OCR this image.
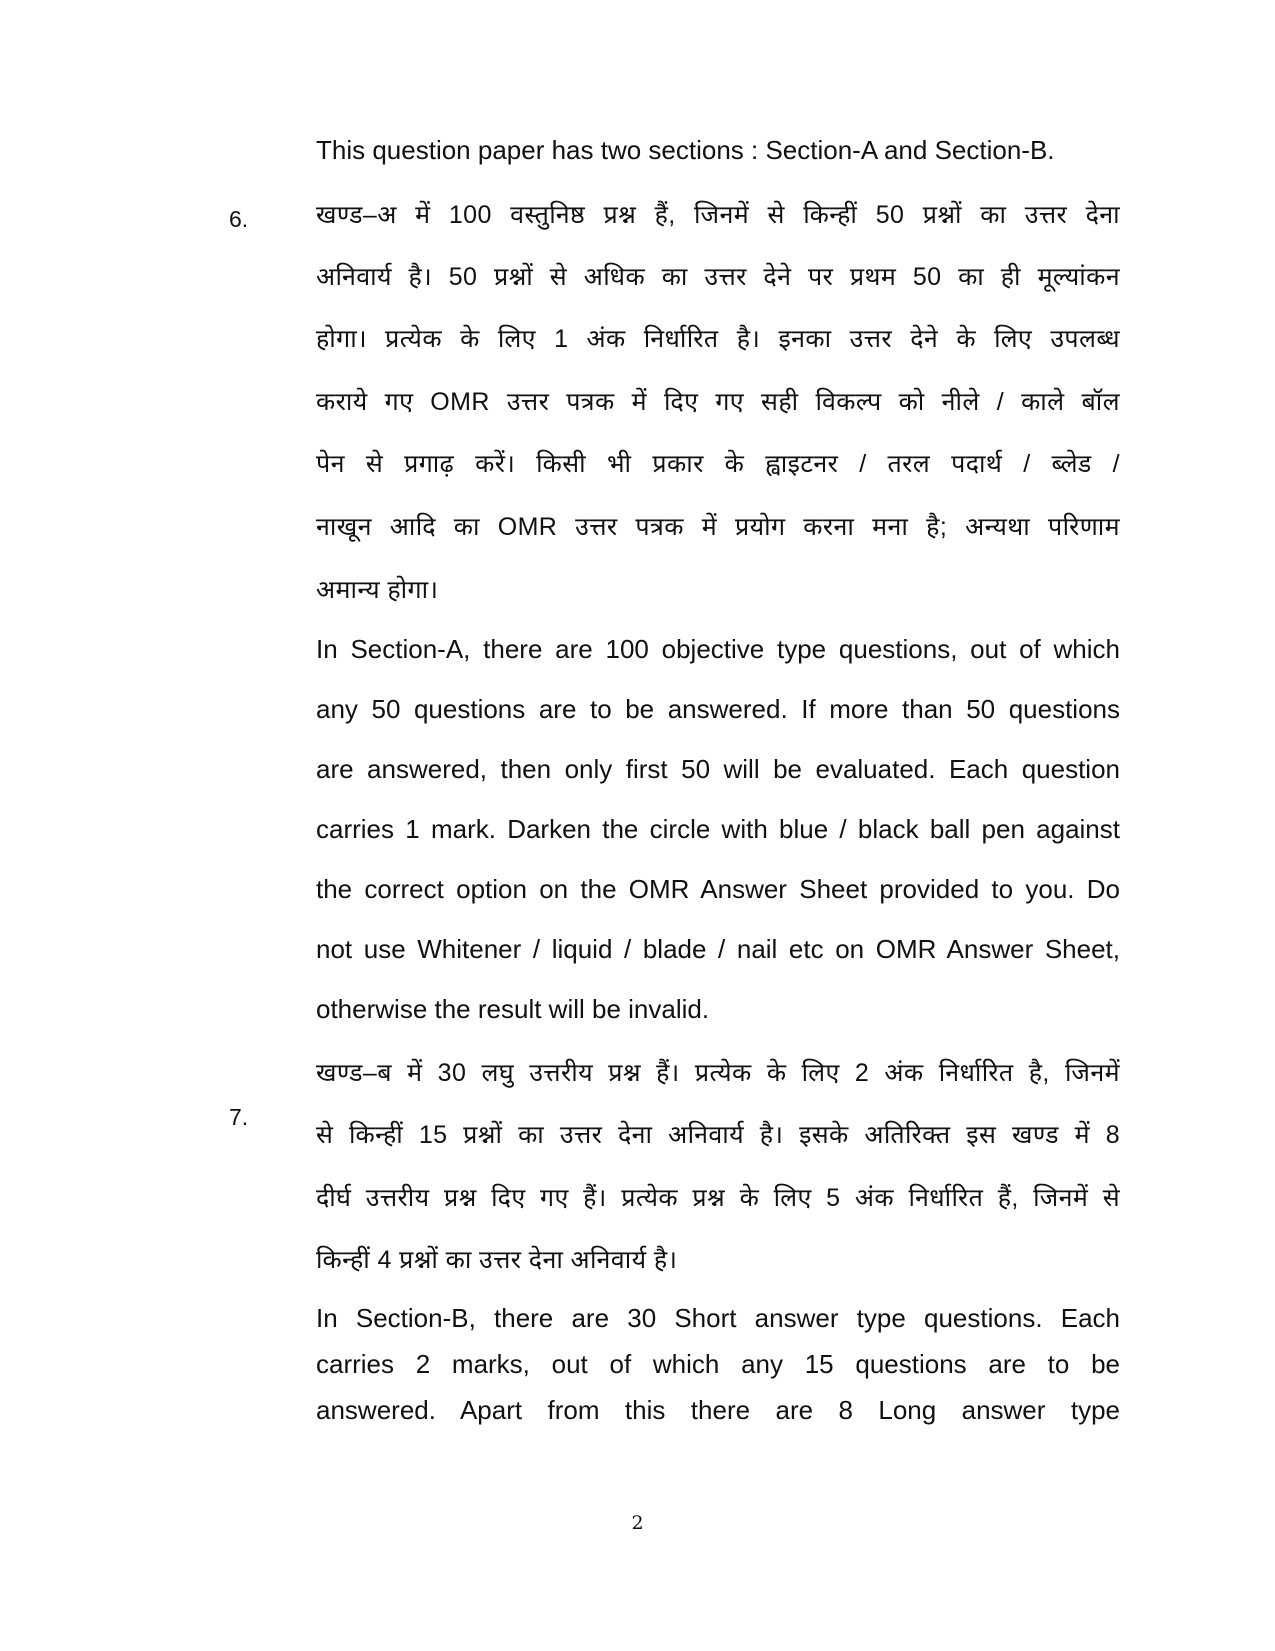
This question paper has two sections : Section-A and Section-B.

6.	खण्ड–अ में 100 वस्तुनिष्ठ प्रश्न हैं, जिनमें से किन्हीं 50 प्रश्नों का उत्तर देना

अनिवार्य है। 50 प्रश्नों से अधिक का उत्तर देने पर प्रथम 50 का ही मूल्यांकन

होगा। प्रत्येक के लिए 1 अंक निर्धारित है। इनका उत्तर देने के लिए उपलब्ध

कराये गए OMR उत्तर पत्रक में दिए गए सही विकल्प को नीले / काले बॉल

पेन से प्रगाढ़ करें। किसी भी प्रकार के ह्वाइटनर / तरल पदार्थ / ब्लेड /

नाखून आदि का OMR उत्तर पत्रक में प्रयोग करना मना है; अन्यथा परिणाम

अमान्य होगा।

In Section-A, there are 100 objective type questions, out of which

any 50 questions are to be answered. If more than 50 questions

are answered, then only first 50 will be evaluated. Each question

carries 1 mark. Darken the circle with blue / black ball pen against

the correct option on the OMR Answer Sheet provided to you. Do

not use Whitener / liquid / blade / nail etc on OMR Answer Sheet,

otherwise the result will be invalid.

7.

खण्ड–ब में 30 लघु उत्तरीय प्रश्न हैं। प्रत्येक के लिए 2 अंक निर्धारित है, जिनमें

से किन्हीं 15 प्रश्नों का उत्तर देना अनिवार्य है। इसके अतिरिक्त इस खण्ड में 8

दीर्घ उत्तरीय प्रश्न दिए गए हैं। प्रत्येक प्रश्न के लिए 5 अंक निर्धारित हैं, जिनमें से

किन्हीं 4 प्रश्नों का उत्तर देना अनिवार्य है।

In Section-B, there are 30 Short answer type questions. Each

carries 2 marks, out of which any 15 questions are to be

answered. Apart from this there are 8 Long answer type

2
